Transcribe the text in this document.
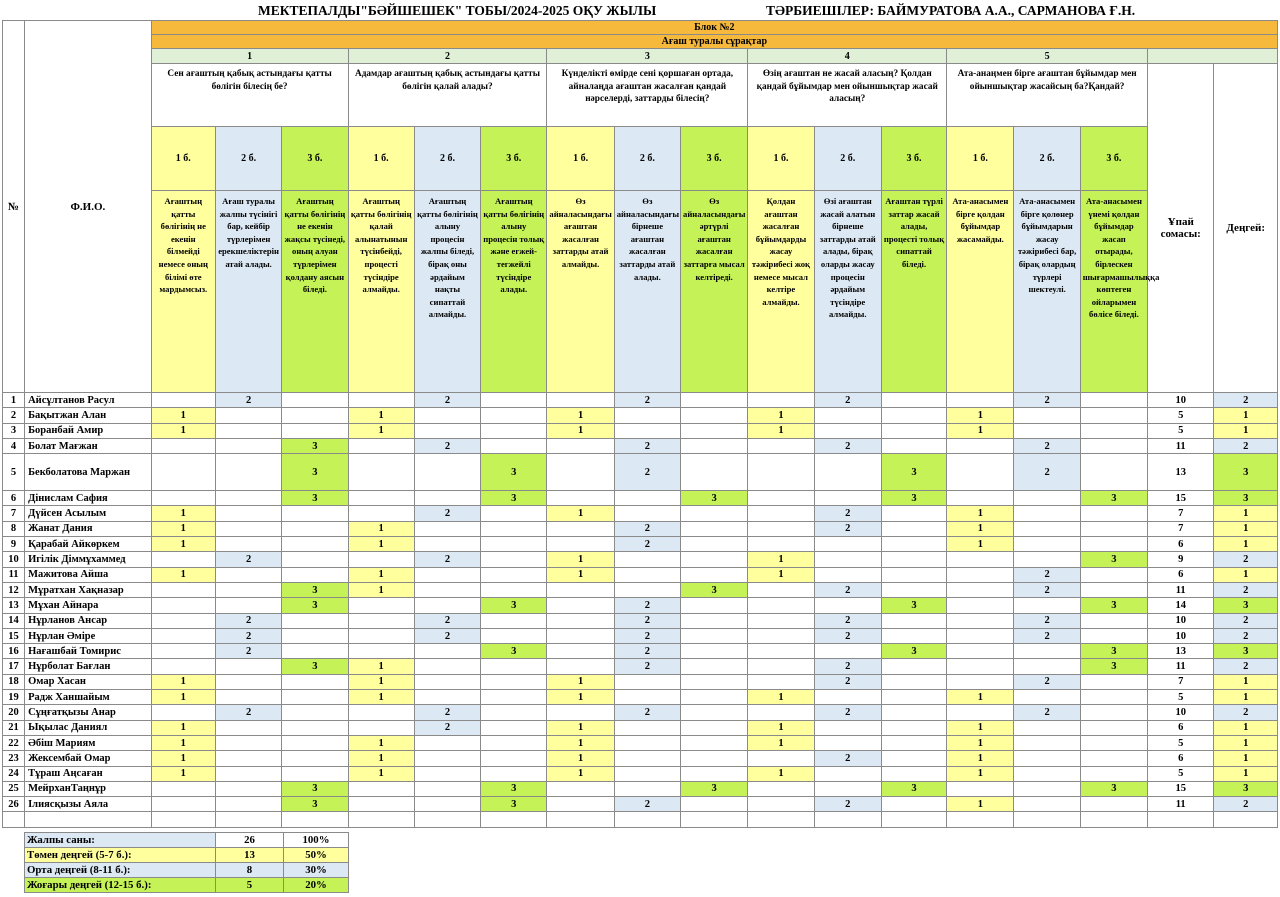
МЕКТЕПАЛДЫ"БӘЙШЕШЕК" ТОБЫ/2024-2025 ОҚУ ЖЫЛЫ	ТӘРБИЕШІЛЕР: БАЙМУРАТОВА А.А., САРМАНОВА Ғ.Н.
№	Ф.И.О.	Блок №2																
		Ағаш туралы сұрақтар																
		1			2			3			4			5				
		Сен ағаштың қабық астындағы қатты бөлігін білесің бе?			Адамдар ағаштың қабық астындағы қатты бөлігін қалай алады?			Күнделікті өмірде сені қоршаған ортада, айналаңда ағаштан жасалған қандай нәрселерді, заттарды білесің?			Өзің ағаштан не жасай аласың? Қолдан қандай бұйымдар мен ойыншықтар жасай аласың?			Ата-анаңмен бірге ағаштан бұйымдар мен ойыншықтар жасайсың ба?Қандай?			Ұпай сомасы:	Деңгей:
		1 б.	2 б.	3 б.	1 б.	2 б.	3 б.	1 б.	2 б.	3 б.	1 б.	2 б.	3 б.	1 б.	2 б.	3 б.		
		Ағаштың қатты бөлігінің не екенін білмейді немесе оның білімі өте мардымсыз.	Ағаш туралы жалпы түсінігі бар, кейбір түрлерімен ерекшеліктерін атай алады.	Ағаштың қатты бөлігінің не екенін жақсы түсінеді, оның алуан түрлерімен қолдану аясын біледі.	Ағаштың қатты бөлігінің қалай алынатынын түсінбейді, процесті түсіндіре алмайды.	Ағаштың қатты бөлігінің алыну процесін жалпы біледі, бірақ оны әрдайым нақты сипаттай алмайды.	Ағаштың қатты бөлігінің алыну процесін толық және егжей-тегжейлі түсіндіре алады.	Өз айналасындағы ағаштан жасалған заттарды атай алмайды.	Өз айналасындағы бірнеше ағаштан жасалған заттарды атай алады.	Өз айналасындағы әртүрлі ағаштан жасалған заттарға мысал келтіреді.	Қолдан ағаштан жасалған бұйымдарды жасау тәжірибесі жоқ немесе мысал келтіре алмайды.	Өзі ағаштан жасай алатын бірнеше заттарды атай алады, бірақ оларды жасау процесін әрдайым түсіндіре алмайды.	Ағаштан түрлі заттар жасай алады, процесті толық сипаттай біледі.	Ата-анасымен бірге қолдан бұйымдар жасамайды.	Ата-анасымен бірге қолөнер бұйымдарын жасау тәжірибесі бар, бірақ олардың түрлері шектеулі.	Ата-анасымен үнемі қолдан бұйымдар жасап отырады, бірлескен шығармашылыққа көптеген ойларымен бөлісе біледі.		
1	Айсұлтанов Расул		2			2			2			2			2		10	2
2	Бақытжан Алан	1			1			1			1			1			5	1
3	Боранбай Амир	1			1			1			1			1			5	1
4	Болат Мағжан			3		2			2			2			2		11	2
5	Бекболатова Маржан			3			3		2				3		2		13	3
6	Дінислам Сафия			3			3			3			3			3	15	3
7	Дүйсен Асылым	1				2		1				2		1			7	1
8	Жанат Дания	1			1				2			2		1			7	1
9	Қарабай Айкөркем	1			1				2					1			6	1
10	Игілік Діммұхаммед		2			2		1			1					3	9	2
11	Мажитова Айша	1			1			1			1				2		6	1
12	Мұратхан Хақназар			3	1					3		2			2		11	2
13	Мұхан Айнара			3			3		2				3			3	14	3
14	Нұрланов Ансар		2			2			2			2			2		10	2
15	Нұрлан Әміре		2			2			2			2			2		10	2
16	Нағашбай Томирис		2				3		2				3			3	13	3
17	Нұрболат Бағлан			3	1				2			2				3	11	2
18	Омар Хасан	1			1			1				2			2		7	1
19	Радж Ханшайым	1			1			1			1			1			5	1
20	Сұңғатқызы Анар		2			2			2			2			2		10	2
21	Ықылас Даниял	1				2		1			1			1			6	1
22	Әбіш Мариям	1			1			1			1			1			5	1
23	Жексембай Омар	1			1			1				2		1			6	1
24	Тұраш Аңсаған	1			1			1			1			1			5	1
25	МейрханТаңнұр			3			3			3			3			3	15	3
26	Ілиясқызы Аяла			3			3		2			2		1			11	2

Жалпы саны:	26	100%
Төмен деңгей (5-7 б.):	13	50%
Орта деңгей (8-11 б.):	8	30%
Жоғары деңгей (12-15 б.):	5	20%
